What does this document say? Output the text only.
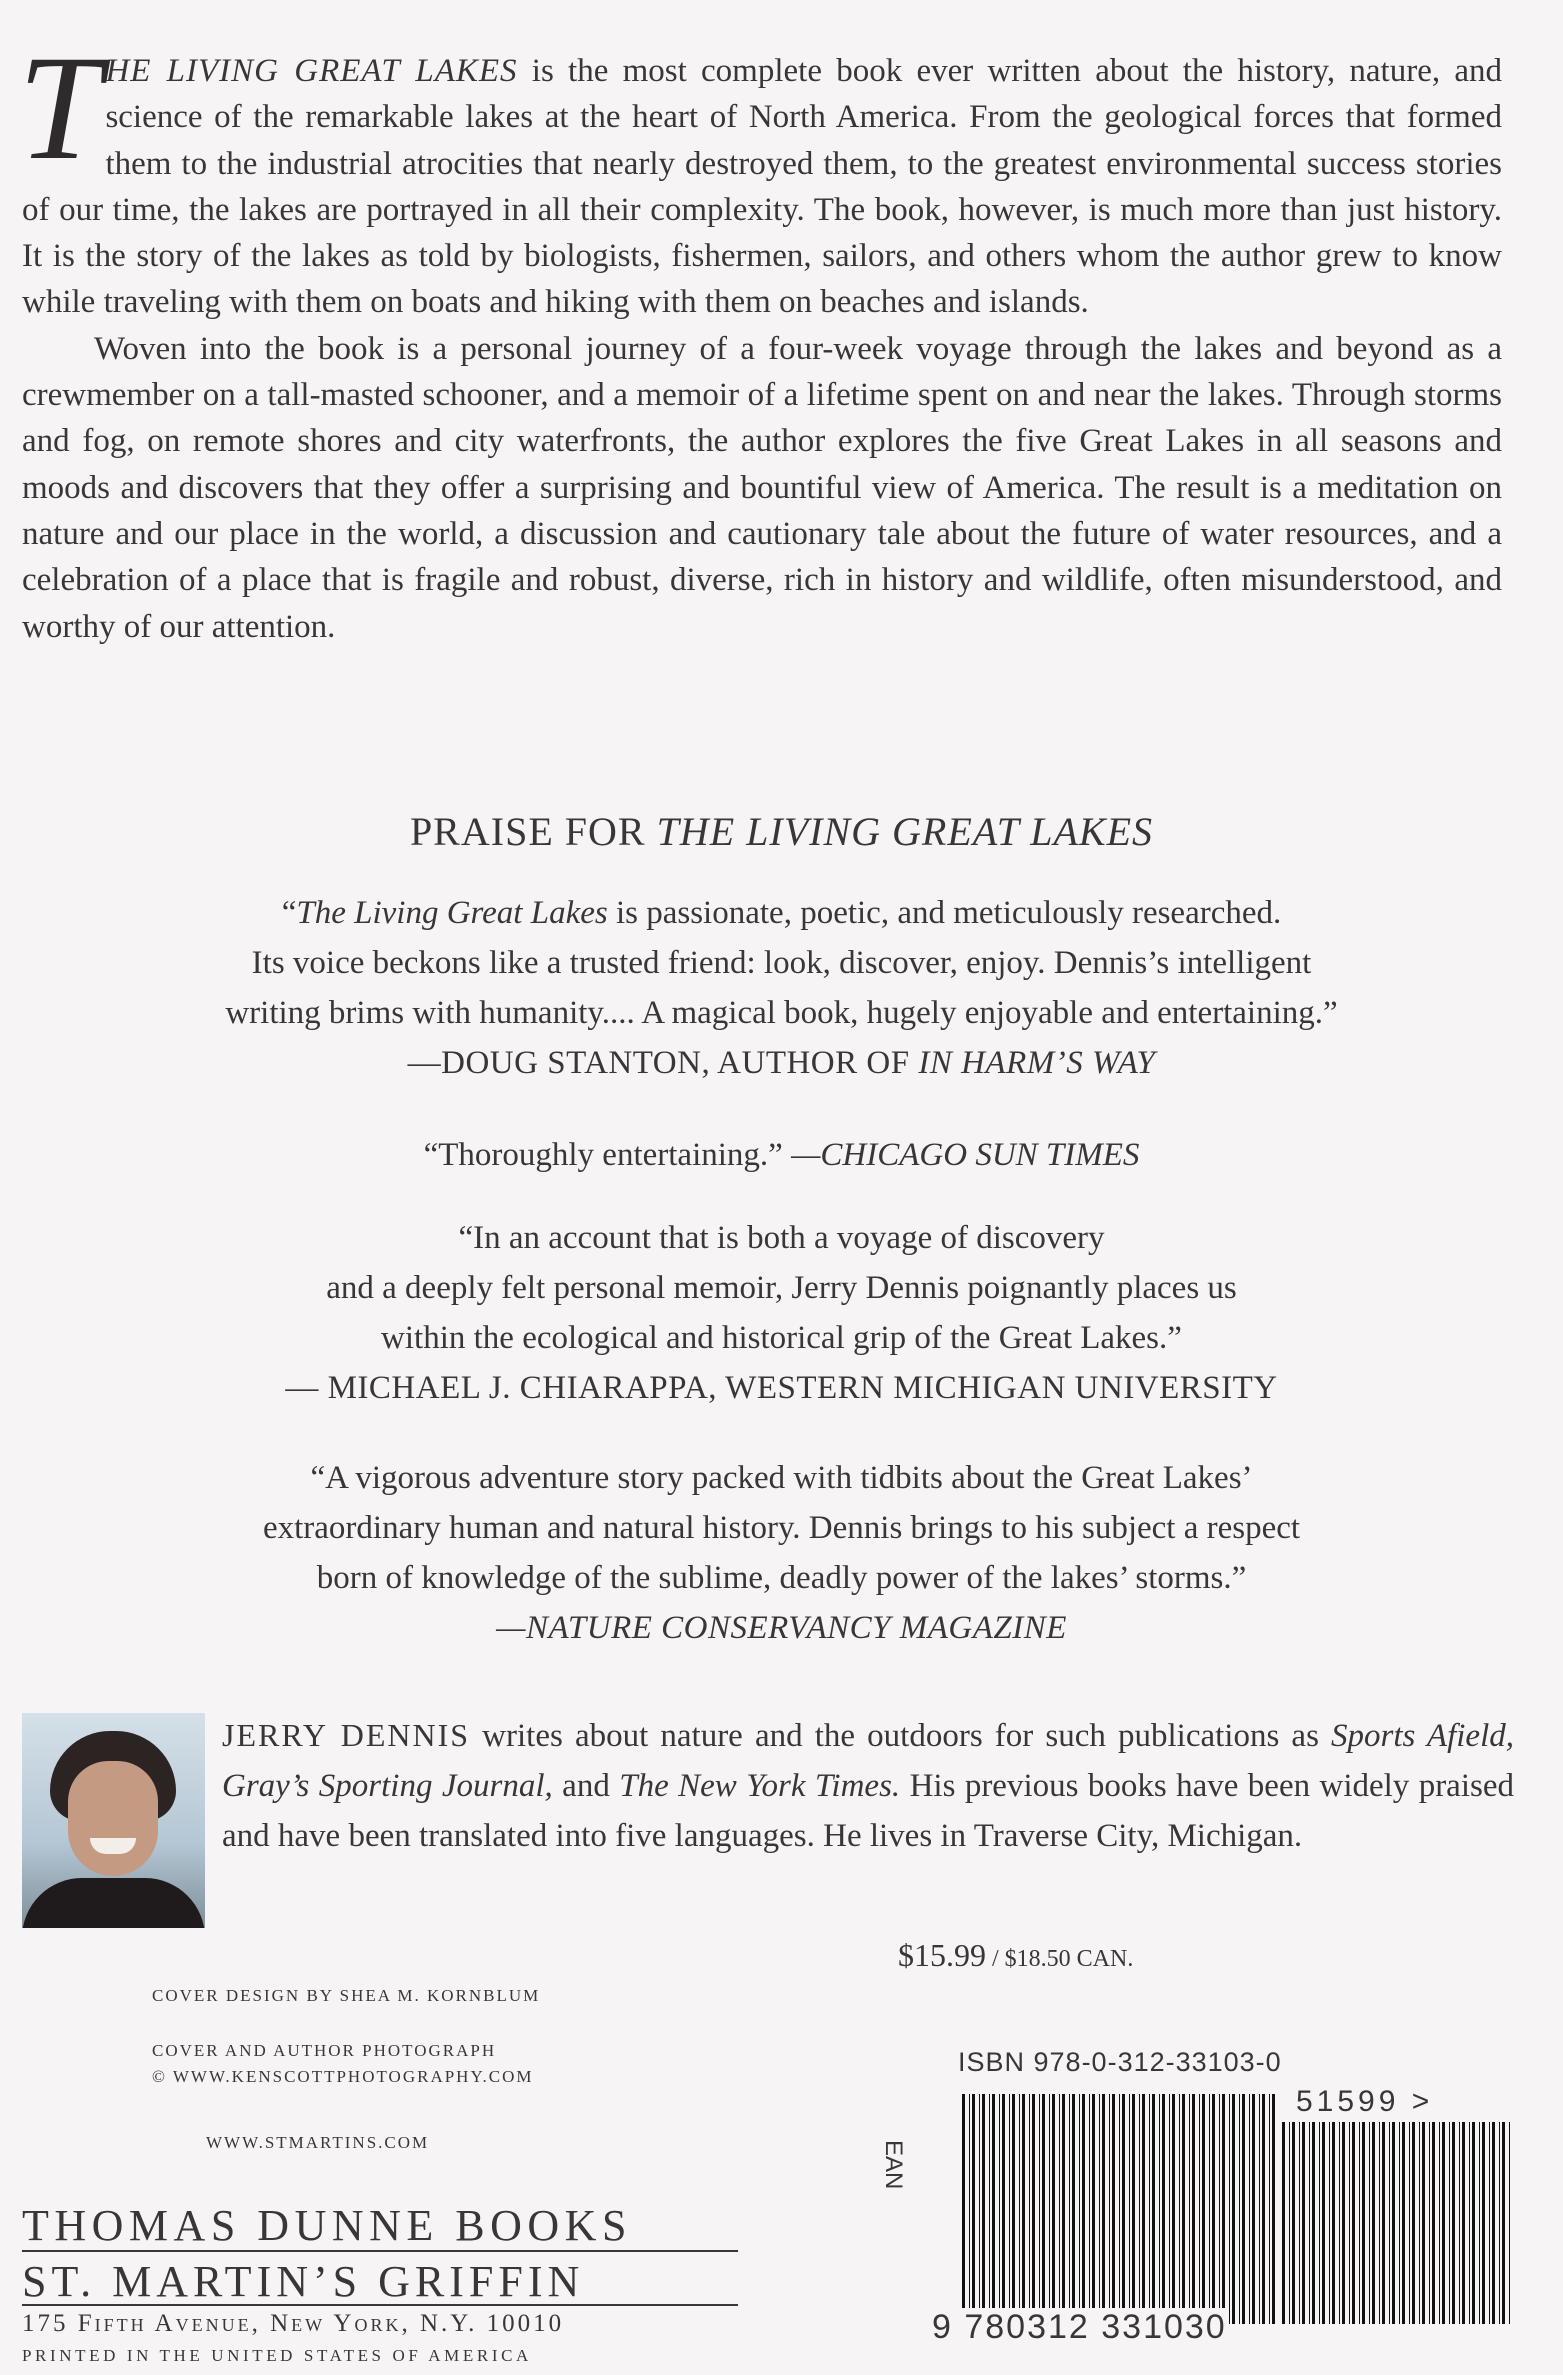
THE LIVING GREAT LAKES is the most complete book ever written about the history, nature, and science of the remarkable lakes at the heart of North America. From the geological forces that formed them to the industrial atrocities that nearly destroyed them, to the greatest environmental success stories of our time, the lakes are portrayed in all their complexity. The book, however, is much more than just history. It is the story of the lakes as told by biologists, fishermen, sailors, and others whom the author grew to know while traveling with them on boats and hiking with them on beaches and islands.

Woven into the book is a personal journey of a four-week voyage through the lakes and beyond as a crewmember on a tall-masted schooner, and a memoir of a lifetime spent on and near the lakes. Through storms and fog, on remote shores and city waterfronts, the author explores the five Great Lakes in all seasons and moods and discovers that they offer a surprising and bountiful view of America. The result is a meditation on nature and our place in the world, a discussion and cautionary tale about the future of water resources, and a celebration of a place that is fragile and robust, diverse, rich in history and wildlife, often misunderstood, and worthy of our attention.

PRAISE FOR THE LIVING GREAT LAKES
“The Living Great Lakes is passionate, poetic, and meticulously researched.
Its voice beckons like a trusted friend: look, discover, enjoy. Dennis’s intelligent
writing brims with humanity.... A magical book, hugely enjoyable and entertaining.”
—DOUG STANTON, AUTHOR OF IN HARM’S WAY
“Thoroughly entertaining.” —CHICAGO SUN TIMES
“In an account that is both a voyage of discovery
and a deeply felt personal memoir, Jerry Dennis poignantly places us
within the ecological and historical grip of the Great Lakes.”
— MICHAEL J. CHIARAPPA, WESTERN MICHIGAN UNIVERSITY
“A vigorous adventure story packed with tidbits about the Great Lakes’
extraordinary human and natural history. Dennis brings to his subject a respect
born of knowledge of the sublime, deadly power of the lakes’ storms.”
—NATURE CONSERVANCY MAGAZINE

JERRY DENNIS writes about nature and the outdoors for such publications as Sports Afield, Gray’s Sporting Journal, and The New York Times. His previous books have been widely praised and have been translated into five languages. He lives in Traverse City, Michigan.

$15.99 / $18.50 CAN.

COVER DESIGN BY SHEA M. KORNBLUM

COVER AND AUTHOR PHOTOGRAPH

© WWW.KENSCOTTPHOTOGRAPHY.COM

WWW.STMARTINS.COM

THOMAS DUNNE BOOKS
ST. MARTIN’S GRIFFIN
175 Fifth Avenue, New York, N.Y. 10010
PRINTED IN THE UNITED STATES OF AMERICA
ISBN 978-0-312-33103-0
EAN
51599 >
9 780312 331030
